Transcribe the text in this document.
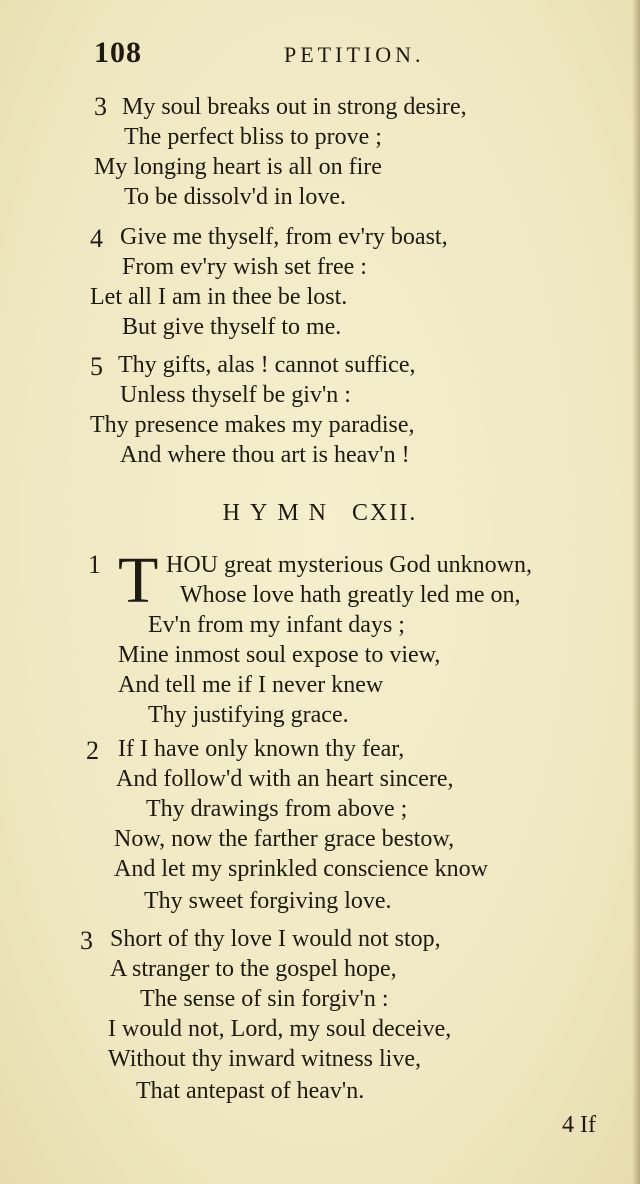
108	PETITION.
3 My soul breaks out in strong desire,
The perfect bliss to prove ;
My longing heart is all on fire
To be dissolv'd in love.
4 Give me thyself, from ev'ry boast,
From ev'ry wish set free :
Let all I am in thee be lost.
But give thyself to me.
5 Thy gifts, alas ! cannot suffice,
Unless thyself be giv'n :
Thy presence makes my paradise,
And where thou art is heav'n !
HYMN CXII.
1 T HOU great mysterious God unknown,
Whose love hath greatly led me on,
Ev'n from my infant days ;
Mine inmost soul expose to view,
And tell me if I never knew
Thy justifying grace.
2 If I have only known thy fear,
And follow'd with an heart sincere,
Thy drawings from above ;
Now, now the farther grace bestow,
And let my sprinkled conscience know
Thy sweet forgiving love.
3 Short of thy love I would not stop,
A stranger to the gospel hope,
The sense of sin forgiv'n :
I would not, Lord, my soul deceive,
Without thy inward witness live,
That antepast of heav'n.
4 If
